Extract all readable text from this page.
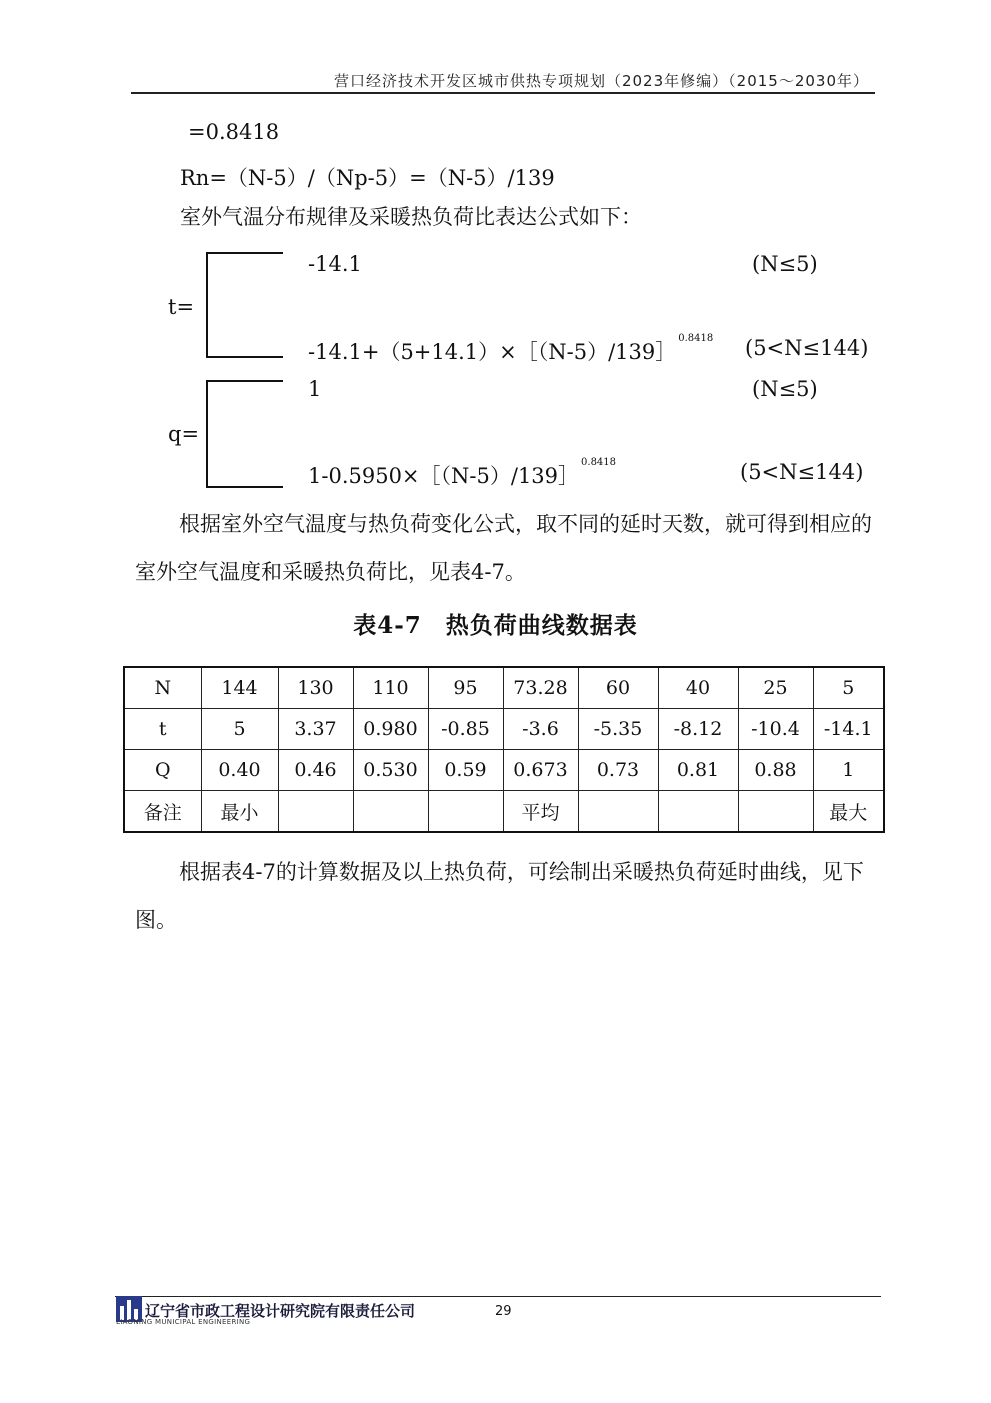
营口经济技术开发区城市供热专项规划（2023年修编）（2015～2030年）
=0.8418
Rn=（N-5）/（Np-5）=（N-5）/139
室外气温分布规律及采暖热负荷比表达公式如下：
t=
-14.1	(N≤5)
-14.1+（5+14.1）×［（N-5）/139］$^{0.8418}$ (5<N≤144)
q=
1	(N≤5)
1-0.5950×［（N-5）/139］$^{0.8418}$	(5<N≤144)

根据室外空气温度与热负荷变化公式，取不同的延时天数，就可得到相应的室外空气温度和采暖热负荷比，见表4-7。

表4-7　热负荷曲线数据表
N	144	130	110	95	73.28	60	40	25	5
t	5	3.37	0.980	-0.85	-3.6	-5.35	-8.12	-10.4	-14.1
Q	0.40	0.46	0.530	0.59	0.673	0.73	0.81	0.88	1
备注	最小				平均				最大

根据表4-7的计算数据及以上热负荷，可绘制出采暖热负荷延时曲线，见下图。

辽宁省市政工程设计研究院有限责任公司
LIAONING MUNICIPAL ENGINEERING
29
